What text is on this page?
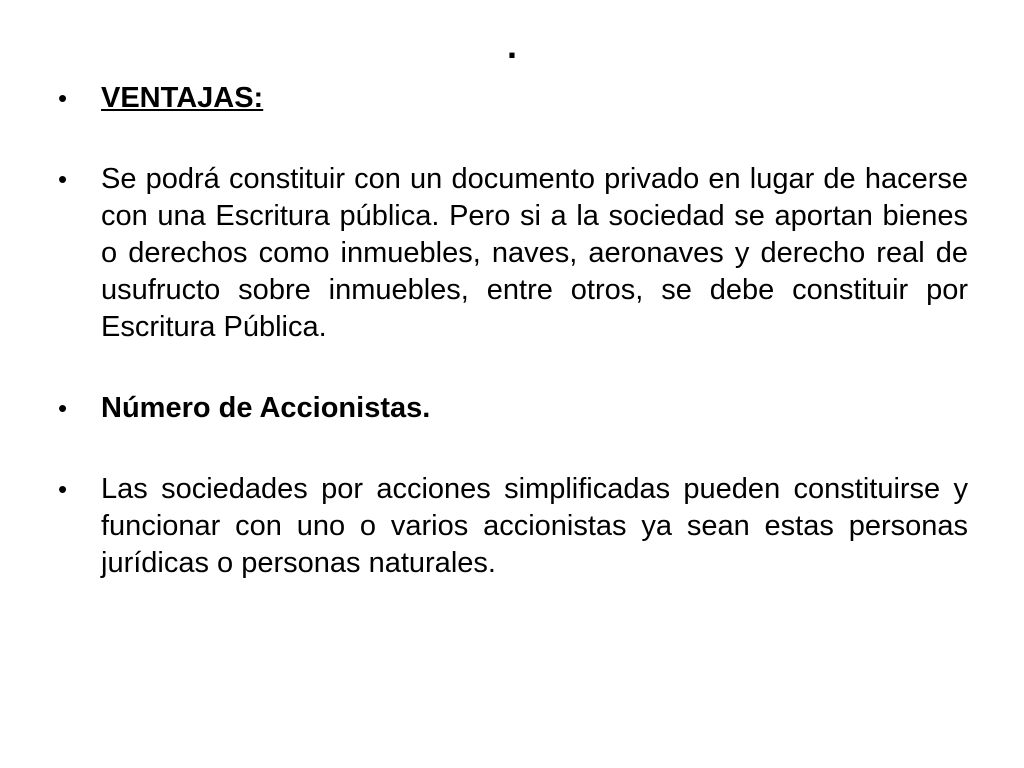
.
• VENTAJAS:
• Se podrá constituir con un documento privado en lugar de hacerse con una Escritura pública. Pero si a la sociedad se aportan bienes o derechos como inmuebles, naves, aeronaves y derecho real de usufructo sobre inmuebles, entre otros, se debe constituir por Escritura Pública.
• Número de Accionistas.
• Las sociedades por acciones simplificadas pueden constituirse y funcionar con uno o varios accionistas ya sean estas personas jurídicas o personas naturales.
